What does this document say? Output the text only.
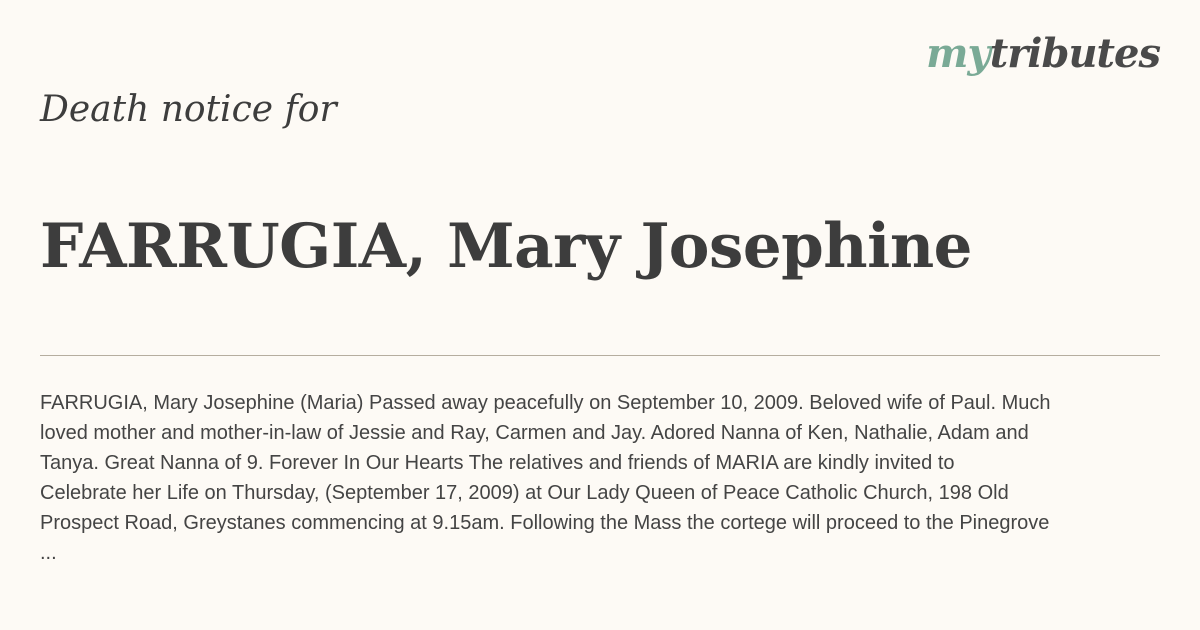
mytributes
Death notice for
FARRUGIA, Mary Josephine

FARRUGIA, Mary Josephine (Maria) Passed away peacefully on September 10, 2009. Beloved wife of Paul. Much
loved mother and mother-in-law of Jessie and Ray, Carmen and Jay. Adored Nanna of Ken, Nathalie, Adam and
Tanya. Great Nanna of 9. Forever In Our Hearts The relatives and friends of MARIA are kindly invited to
Celebrate her Life on Thursday, (September 17, 2009) at Our Lady Queen of Peace Catholic Church, 198 Old
Prospect Road, Greystanes commencing at 9.15am. Following the Mass the cortege will proceed to the Pinegrove
...
